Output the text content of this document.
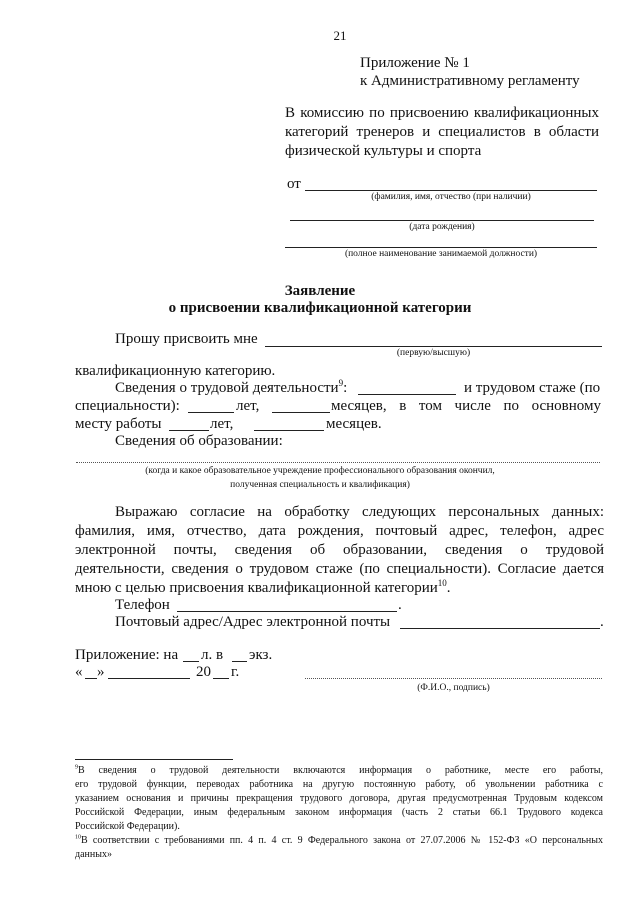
21
Приложение № 1
к Административному регламенту
В комиссию по присвоению квалификационных
категорий тренеров и специалистов в области
физической культуры и спорта
от
(фамилия, имя, отчество (при наличии)
(дата рождения)
(полное наименование занимаемой должности)
Заявление
о присвоении квалификационной категории
Прошу присвоить мне
(первую/высшую)
квалификационную категорию.
Сведения о трудовой деятельности$^9$:	и трудовом стаже (по
специальности):	лет,	месяцев, в том числе по основному
месту работы	лет,	месяцев.
Сведения об образовании:
(когда и какое образовательное учреждение профессионального образования окончил,
полученная специальность и квалификация)
Выражаю согласие на обработку следующих персональных данных:
фамилия, имя, отчество, дата рождения, почтовый адрес, телефон, адрес
электронной почты, сведения об образовании, сведения о трудовой
деятельности, сведения о трудовом стаже (по специальности). Согласие дается
мною с целью присвоения квалификационной категории$^{10}$.
Телефон	.
Почтовый адрес/Адрес электронной почты	.
Приложение: на л. в экз.
« »	20 г.
(Ф.И.О., подпись)
$^9$В сведения о трудовой деятельности включаются информация о работнике, месте его работы,
его трудовой функции, переводах работника на другую постоянную работу, об увольнении работника с
указанием основания и причины прекращения трудового договора, другая предусмотренная Трудовым кодексом
Российской Федерации, иным федеральным законом информация (часть 2 статьи 66.1 Трудового кодекса
Российской Федерации).
$^{10}$В соответствии с требованиями пп. 4 п. 4 ст. 9 Федерального закона от 27.07.2006 № 152-ФЗ «О персональных
данных»
